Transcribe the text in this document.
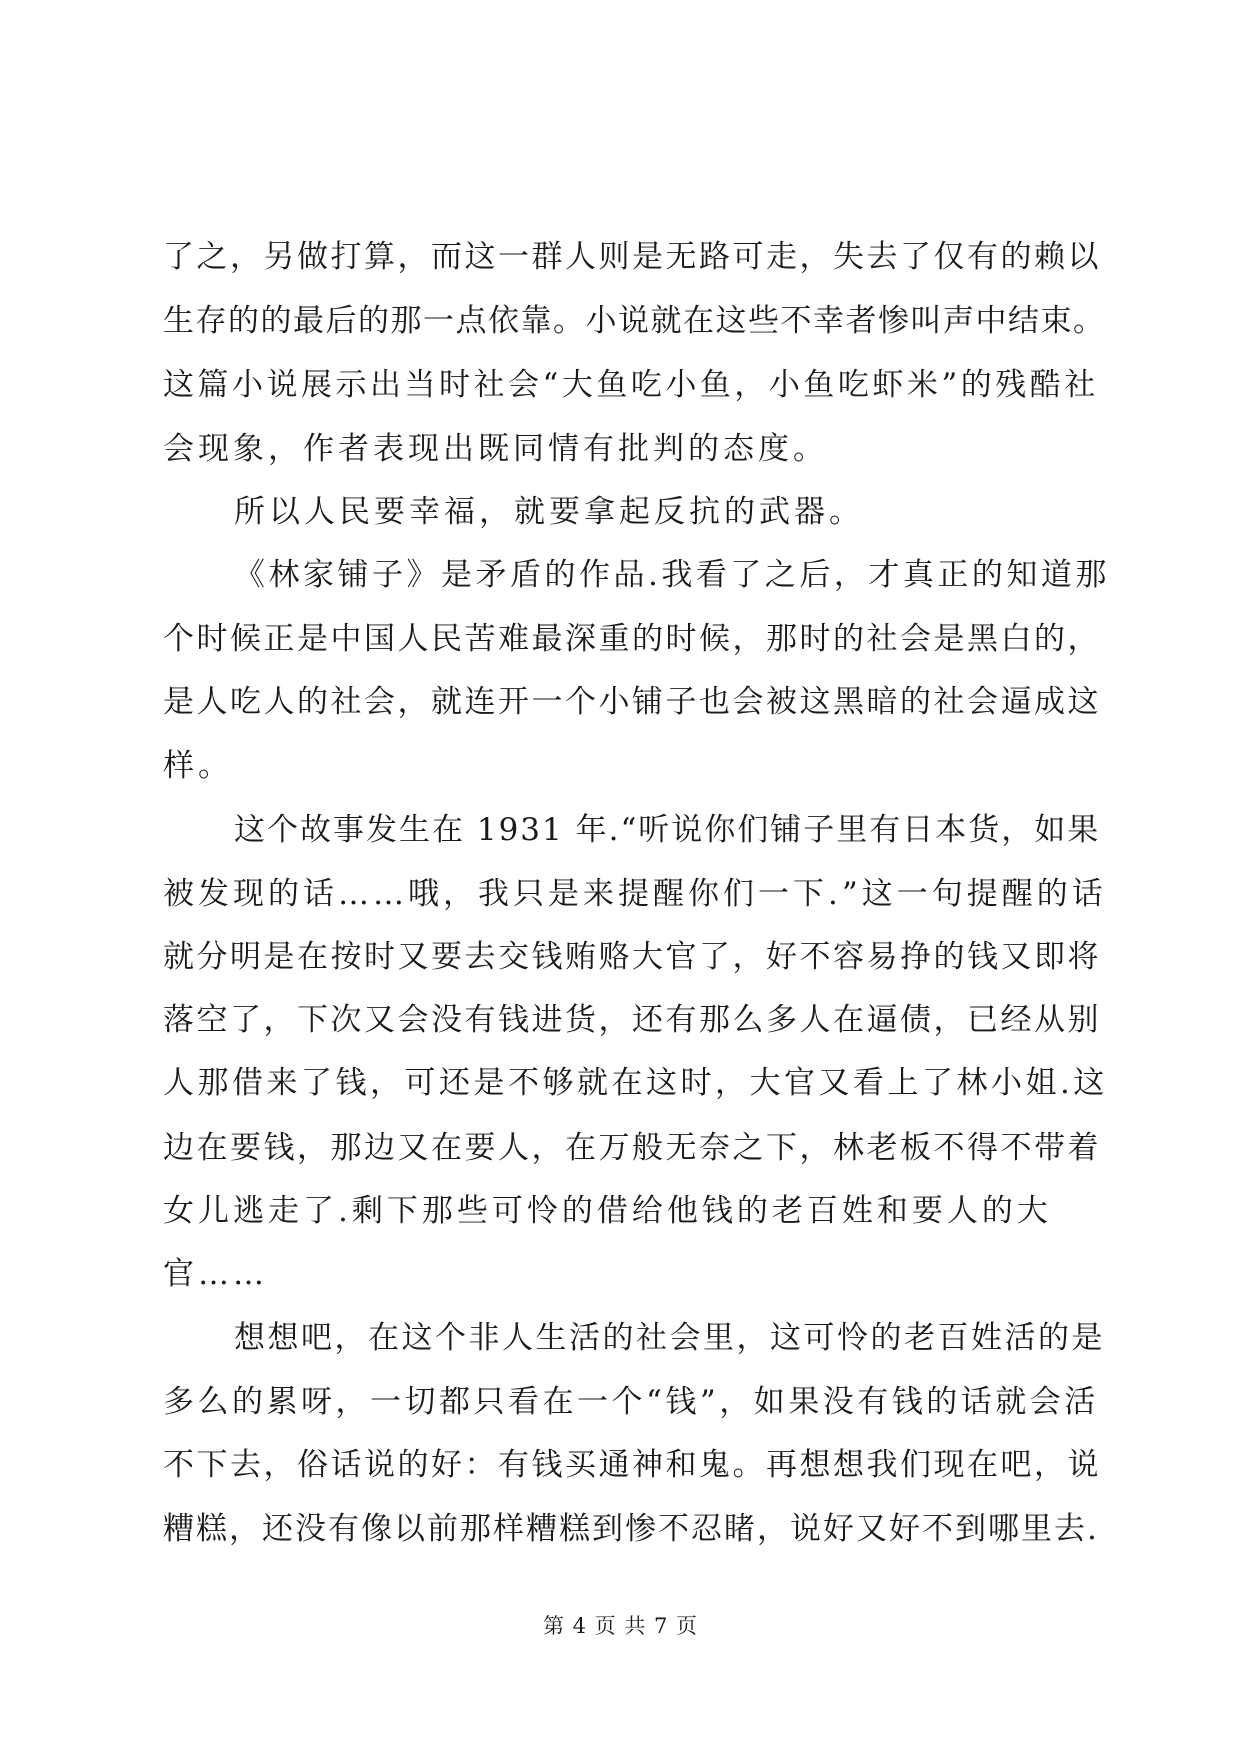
了之，另做打算，而这一群人则是无路可走，失去了仅有的赖以
生存的的最后的那一点依靠。小说就在这些不幸者惨叫声中结束。
这篇小说展示出当时社会“大鱼吃小鱼，小鱼吃虾米”的残酷社
会现象，作者表现出既同情有批判的态度。
所以人民要幸福，就要拿起反抗的武器。
《林家铺子》是矛盾的作品.我看了之后，才真正的知道那
个时候正是中国人民苦难最深重的时候，那时的社会是黑白的，
是人吃人的社会，就连开一个小铺子也会被这黑暗的社会逼成这
样。
这个故事发生在 1931 年.“听说你们铺子里有日本货，如果
被发现的话……哦，我只是来提醒你们一下.”这一句提醒的话
就分明是在按时又要去交钱贿赂大官了，好不容易挣的钱又即将
落空了，下次又会没有钱进货，还有那么多人在逼债，已经从别
人那借来了钱，可还是不够就在这时，大官又看上了林小姐.这
边在要钱，那边又在要人，在万般无奈之下，林老板不得不带着
女儿逃走了.剩下那些可怜的借给他钱的老百姓和要人的大
官……
想想吧，在这个非人生活的社会里，这可怜的老百姓活的是
多么的累呀，一切都只看在一个“钱”，如果没有钱的话就会活
不下去，俗话说的好：有钱买通神和鬼。再想想我们现在吧，说
糟糕，还没有像以前那样糟糕到惨不忍睹，说好又好不到哪里去.
第 4 页 共 7 页
